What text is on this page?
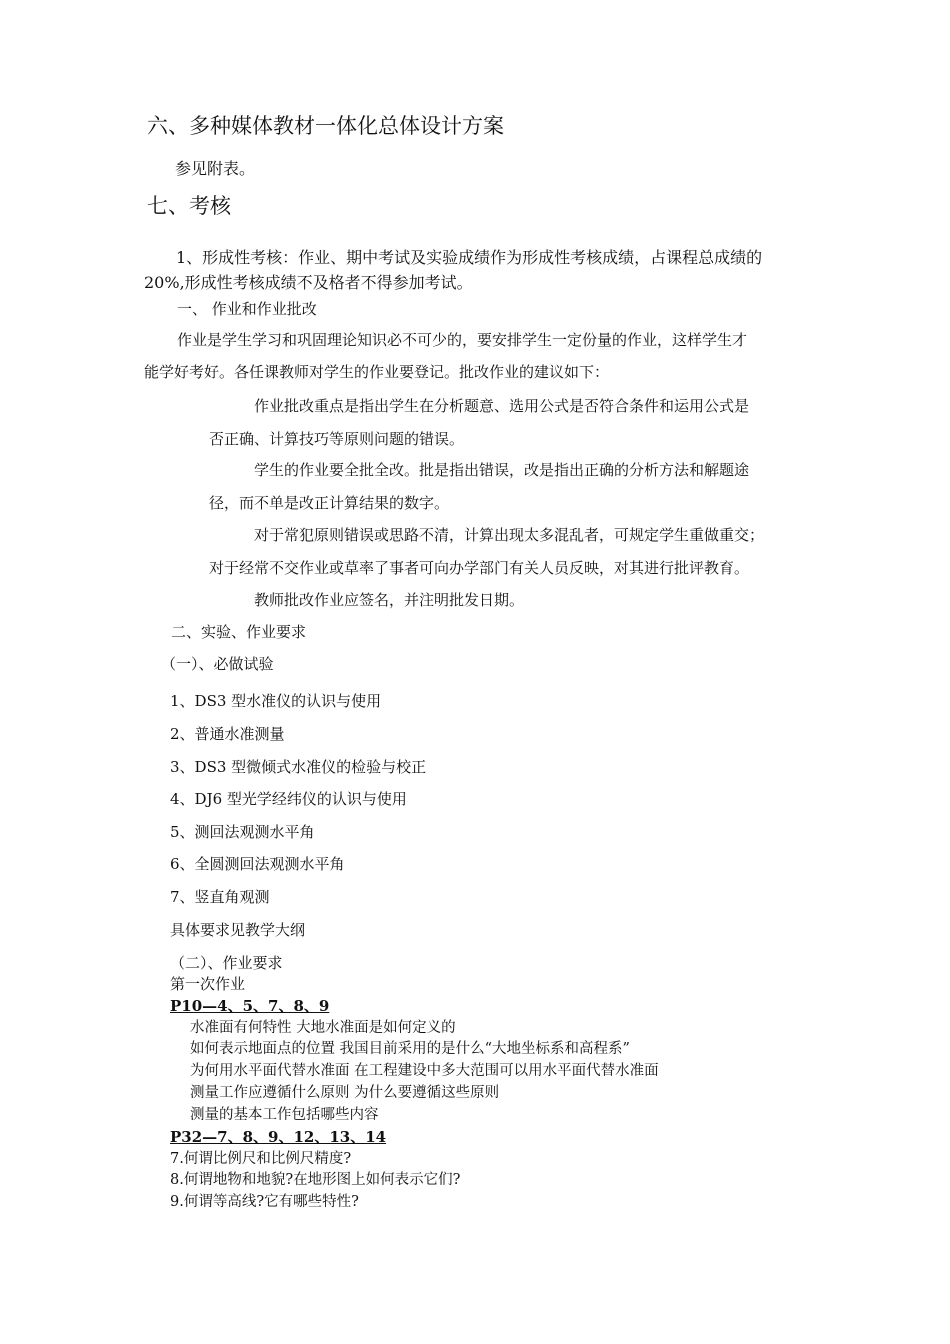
六、多种媒体教材一体化总体设计方案
参见附表。
七、考核
1、形成性考核：作业、期中考试及实验成绩作为形成性考核成绩，占课程总成绩的
20%,形成性考核成绩不及格者不得参加考试。
一、 作业和作业批改
作业是学生学习和巩固理论知识必不可少的，要安排学生一定份量的作业，这样学生才
能学好考好。各任课教师对学生的作业要登记。批改作业的建议如下：
作业批改重点是指出学生在分析题意、选用公式是否符合条件和运用公式是
否正确、计算技巧等原则问题的错误。
学生的作业要全批全改。批是指出错误，改是指出正确的分析方法和解题途
径，而不单是改正计算结果的数字。
对于常犯原则错误或思路不清，计算出现太多混乱者，可规定学生重做重交；
对于经常不交作业或草率了事者可向办学部门有关人员反映，对其进行批评教育。
教师批改作业应签名，并注明批发日期。
二、实验、作业要求
（一）、必做试验
1、DS3 型水准仪的认识与使用
2、普通水准测量
3、DS3 型微倾式水准仪的检验与校正
4、DJ6 型光学经纬仪的认识与使用
5、测回法观测水平角
6、全圆测回法观测水平角
7、竖直角观测
具体要求见教学大纲
（二）、作业要求
第一次作业
P10—4、5、7、8、9
水准面有何特性 大地水准面是如何定义的
如何表示地面点的位置 我国目前采用的是什么“大地坐标系和高程系”
为何用水平面代替水准面 在工程建设中多大范围可以用水平面代替水准面
测量工作应遵循什么原则 为什么要遵循这些原则
测量的基本工作包括哪些内容
P32—7、8、9、12、13、14
7.何谓比例尺和比例尺精度?
8.何谓地物和地貌?在地形图上如何表示它们?
9.何谓等高线?它有哪些特性?
